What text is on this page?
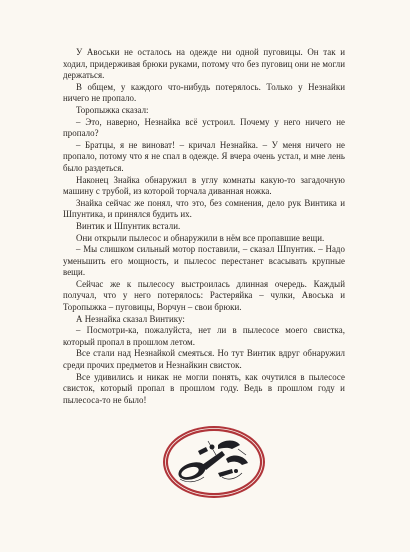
У Авоськи не осталось на одежде ни одной пуговицы. Он так и ходил, придерживая брюки руками, потому что без пуговиц они не могли держаться.

В общем, у каждого что-нибудь потерялось. Только у Незнайки ничего не пропало.

Торопыжка сказал:

– Это, наверно, Незнайка всё устроил. Почему у него ничего не пропало?

– Братцы, я не виноват! – кричал Незнайка. – У меня ничего не пропало, потому что я не спал в одежде. Я вчера очень устал, и мне лень было раздеться.

Наконец Знайка обнаружил в углу комнаты какую-то загадочную машину с трубой, из которой торчала диванная ножка.

Знайка сейчас же понял, что это, без сомнения, дело рук Винтика и Шпунтика, и принялся будить их.

Винтик и Шпунтик встали.

Они открыли пылесос и обнаружили в нём все пропавшие вещи.

– Мы слишком сильный мотор поставили, – сказал Шпунтик. – Надо уменьшить его мощность, и пылесос перестанет всасывать крупные вещи.

Сейчас же к пылесосу выстроилась длинная очередь. Каждый получал, что у него потерялось: Растеряйка – чулки, Авоська и Торопыжка – пуговицы, Ворчун – свои брюки.

А Незнайка сказал Винтику:

– Посмотри-ка, пожалуйста, нет ли в пылесосе моего свистка, который пропал в прошлом летом.

Все стали над Незнайкой смеяться. Но тут Винтик вдруг обнаружил среди прочих предметов и Незнайкин свисток.

Все удивились и никак не могли понять, как очутился в пылесосе свисток, который пропал в прошлом году. Ведь в прошлом году и пылесоса-то не было!
